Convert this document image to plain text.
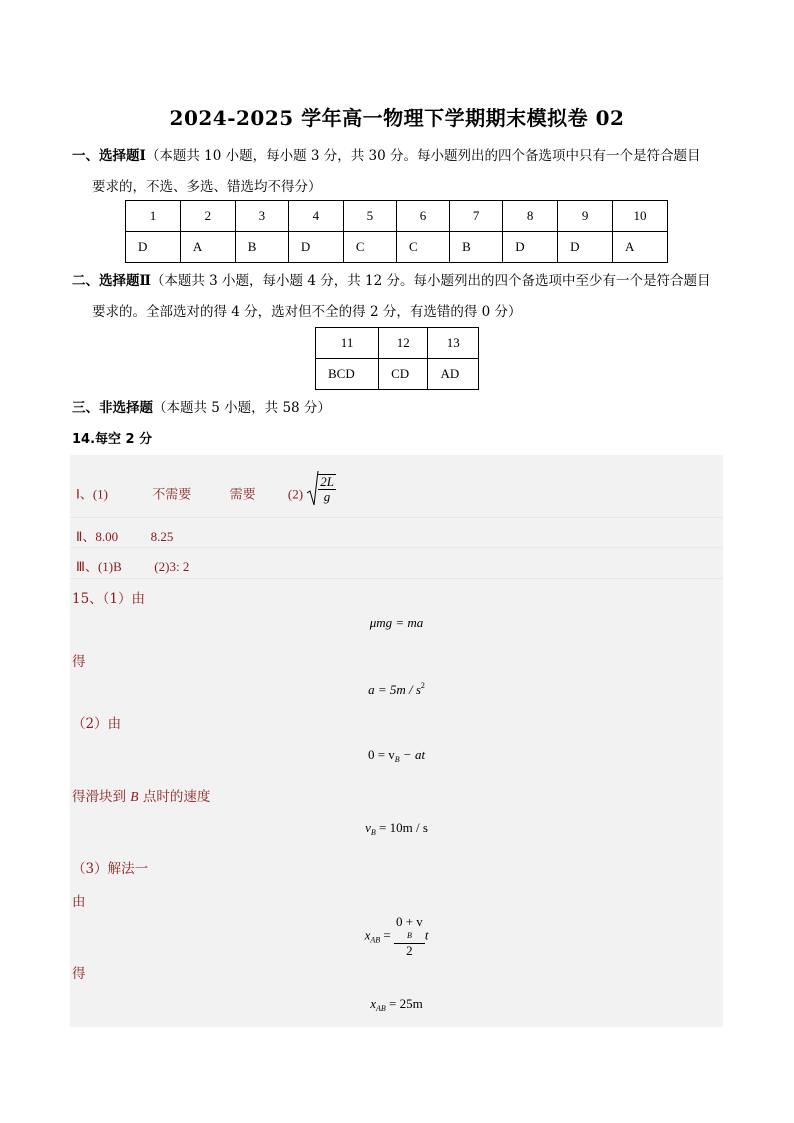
2024-2025 学年高一物理下学期期末模拟卷 02
一、选择题Ⅰ（本题共 10 小题，每小题 3 分，共 30 分。每小题列出的四个备选项中只有一个是符合题目
要求的，不选、多选、错选均不得分）
1	2	3	4	5	6	7	8	9	10
D	A	B	D	C	C	B	D	D	A
二、选择题Ⅱ（本题共 3 小题，每小题 4 分，共 12 分。每小题列出的四个备选项中至少有一个是符合题目
要求的。全部选对的得 4 分，选对但不全的得 2 分，有选错的得 0 分）
11	12	13
BCD	CD	AD
三、非选择题（本题共 5 小题，共 58 分）
14.每空 2 分
Ⅰ、(1)	不需要	需要 $(2) \frac{2L}{g}$
Ⅱ、8.00	8.25
Ⅲ、(1)B	(2)3: 2
15、（1）由
μmg = ma
得
$a = 5m / s^2$
（2）由
$0 = v_B$ − at
得滑块到 B 点时的速度
$v_B = 10m / s$
（3）解法一
由
$x_{AB} = 0 + v$
B
2 t
得
$x_{AB} = 25m$
